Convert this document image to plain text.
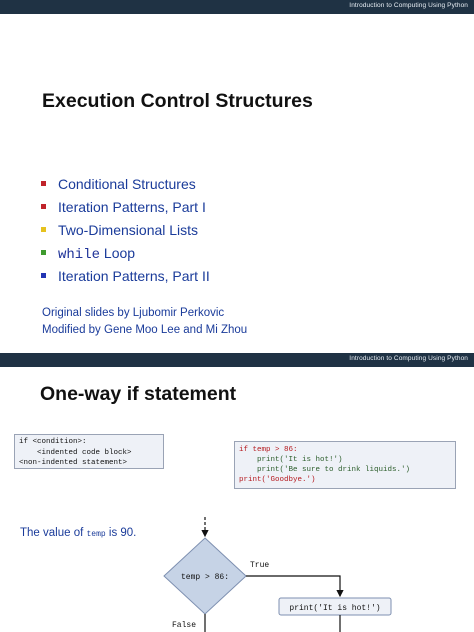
Introduction to Computing Using Python
Execution Control Structures
Conditional Structures
Iteration Patterns, Part I
Two-Dimensional Lists
while Loop
Iteration Patterns, Part II
Original slides by Ljubomir Perkovic
Modified by Gene Moo Lee and Mi Zhou
Introduction to Computing Using Python
One-way if statement
if <condition>:
<indented code block>
<non-indented statement>
if temp > 86:
print('It is hot!')
print('Be sure to drink liquids.')
print('Goodbye.')
The value of temp is 90.
temp > 86:
True
print('It is hot!')
False
